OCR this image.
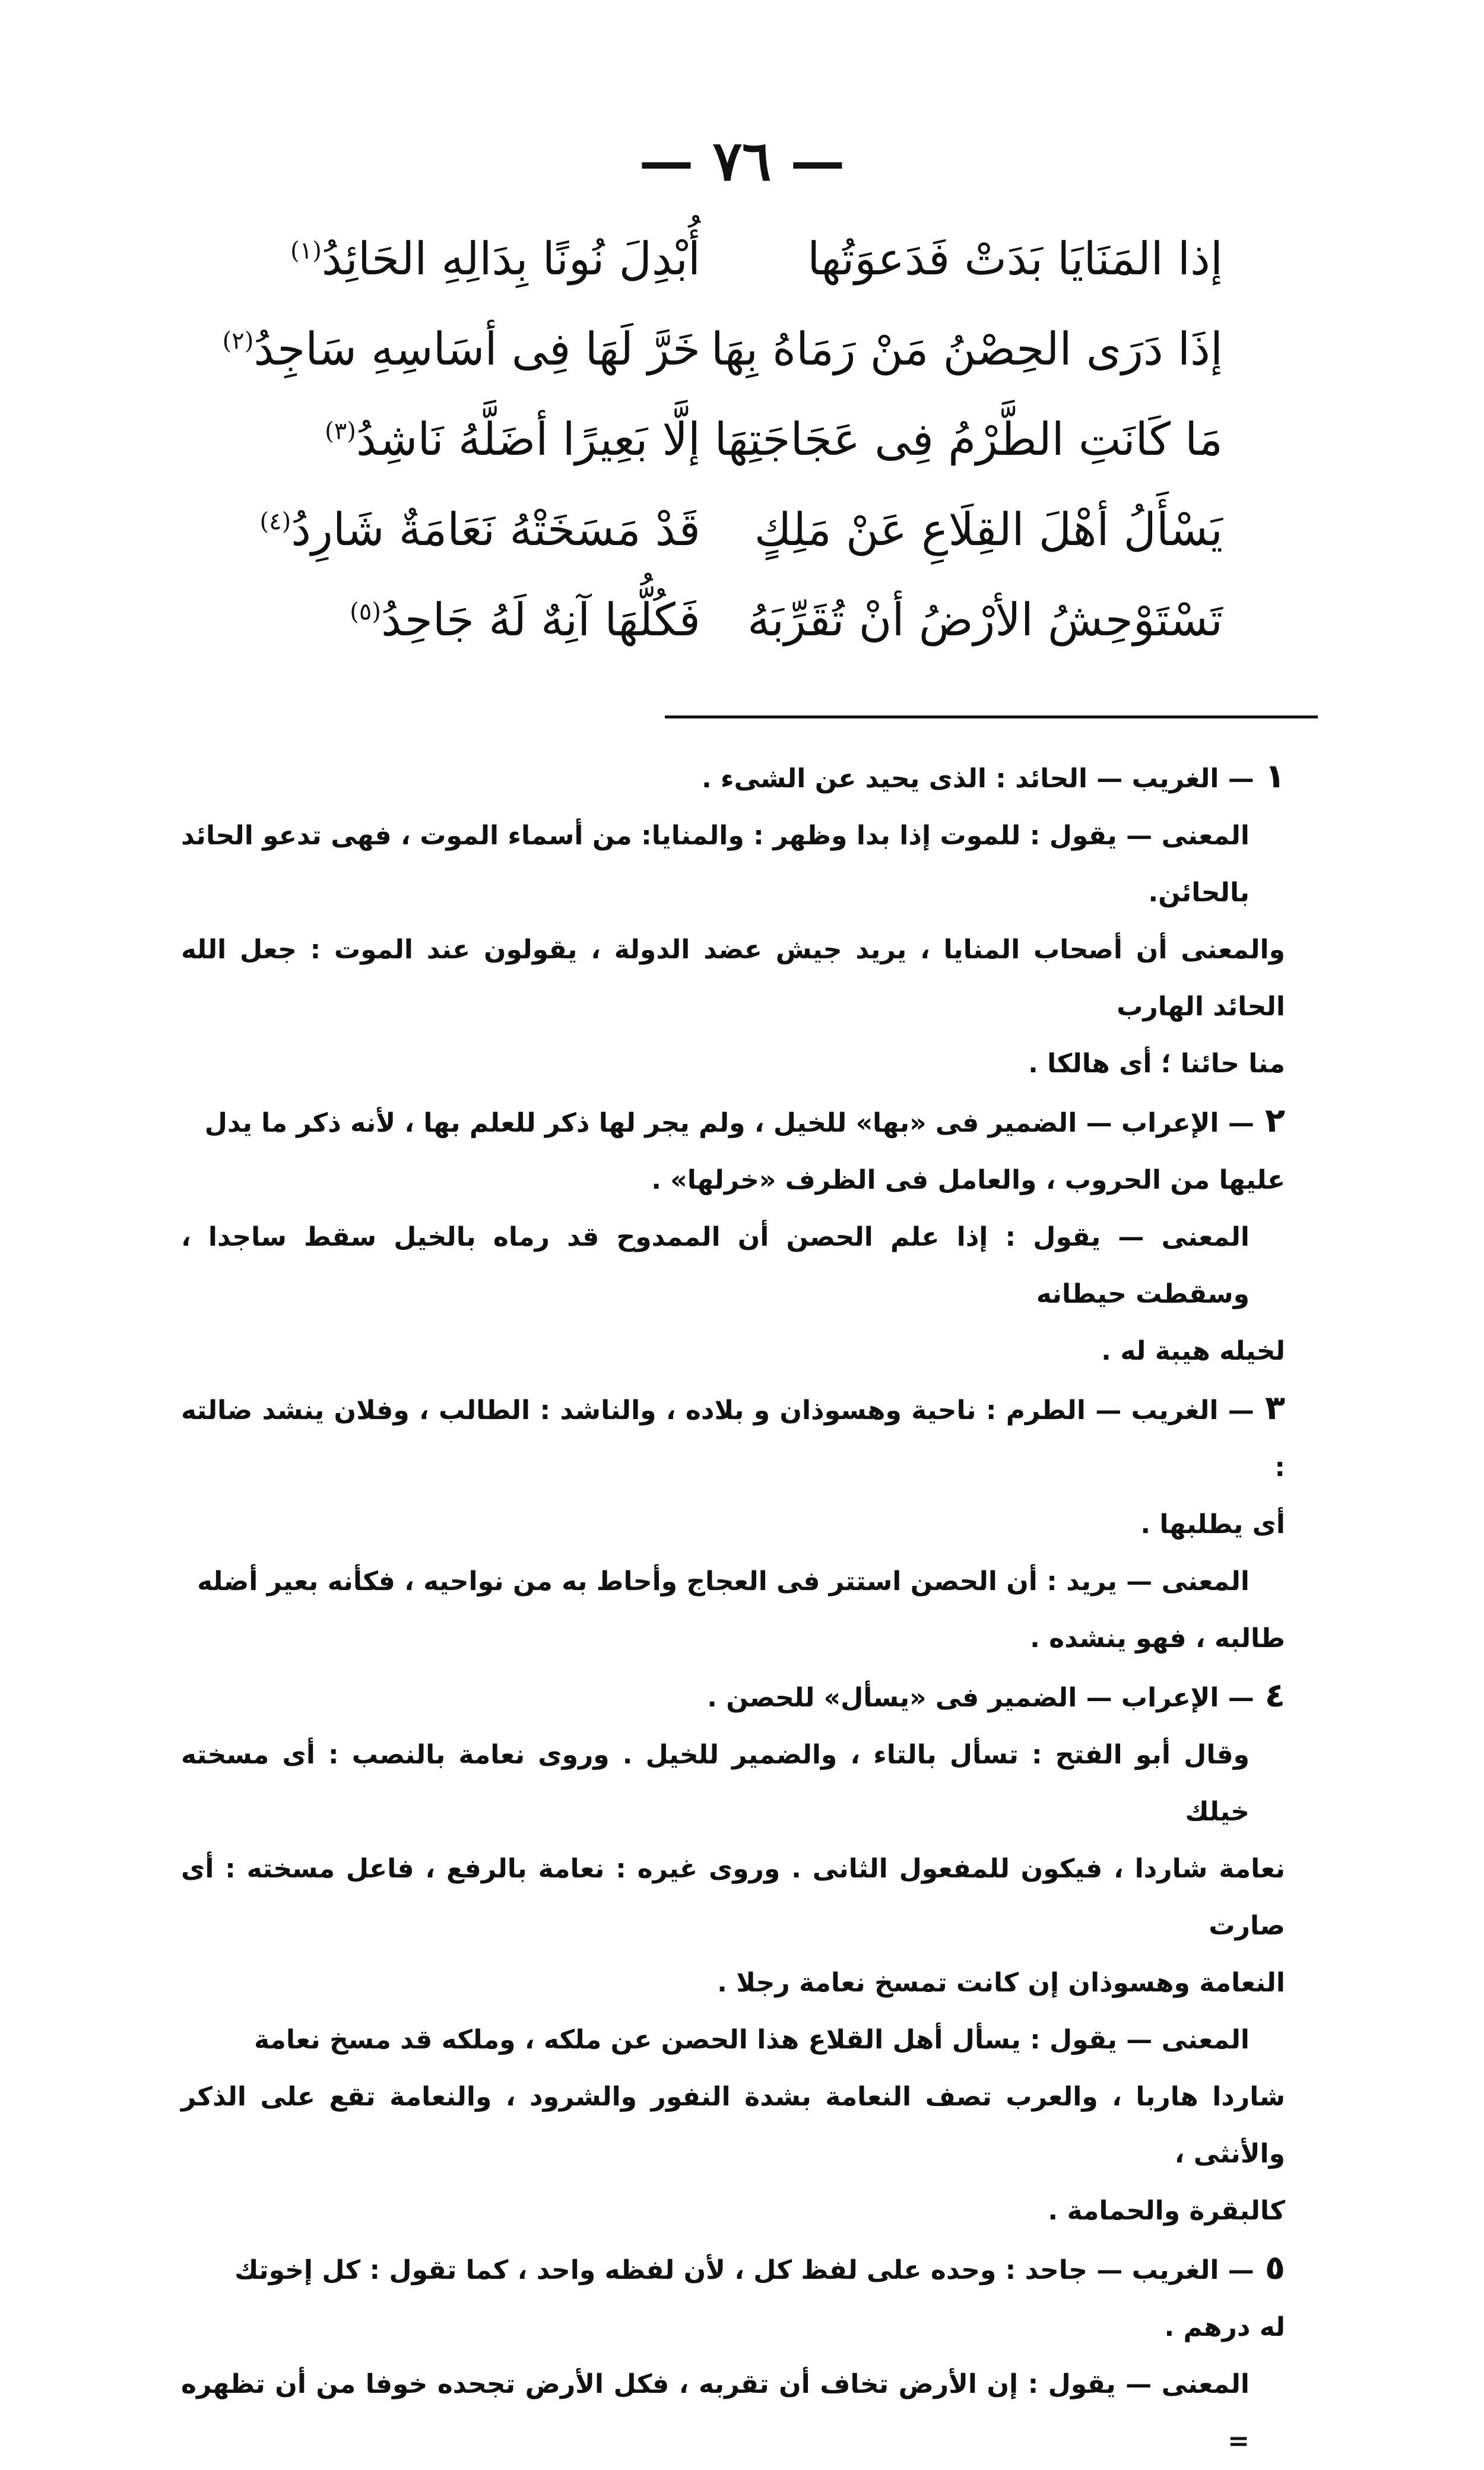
— ٧٦ —
إذا المَنَايَا بَدَتْ فَدَعوَتُها
أُبْدِلَ نُونًا بِدَالِهِ الحَائِدُ$^{(١)}$
إذَا دَرَى الحِصْنُ مَنْ رَمَاهُ بِهَا
خَرَّ لَهَا فِى أسَاسِهِ سَاجِدُ$^{(٢)}$
مَا كَانَتِ الطَّرْمُ فِى عَجَاجَتِهَا
إلَّا بَعِيرًا أضَلَّهُ نَاشِدُ$^{(٣)}$
يَسْأَلُ أهْلَ القِلَاعِ عَنْ مَلِكٍ
قَدْ مَسَخَتْهُ نَعَامَةٌ شَارِدُ$^{(٤)}$
تَسْتَوْحِشُ الأرْضُ أنْ تُقَرِّبَهُ
فَكُلُّهَا آنِهٌ لَهُ جَاحِدُ$^{(٥)}$

١— الغريب — الحائد : الذى يحيد عن الشىء .

المعنى — يقول : للموت إذا بدا وظهر : والمنايا: من أسماء الموت ، فهى تدعو الحائد بالحائن.

والمعنى أن أصحاب المنايا ، يريد جيش عضد الدولة ، يقولون عند الموت : جعل الله الحائد الهارب

منا حائنا ؛ أى هالكا .

٢— الإعراب — الضمير فى «بها» للخيل ، ولم يجر لها ذكر للعلم بها ، لأنه ذكر ما يدل

عليها من الحروب ، والعامل فى الظرف «خرلها» .

المعنى — يقول : إذا علم الحصن أن الممدوح قد رماه بالخيل سقط ساجدا ، وسقطت حيطانه

لخيله هيبة له .

٣— الغريب — الطرم : ناحية وهسوذان و بلاده ، والناشد : الطالب ، وفلان ينشد ضالته :

أى يطلبها .

المعنى — يريد : أن الحصن استتر فى العجاج وأحاط به من نواحيه ، فكأنه بعير أضله

طالبه ، فهو ينشده .

٤— الإعراب — الضمير فى «يسأل» للحصن .

وقال أبو الفتح : تسأل بالتاء ، والضمير للخيل . وروى نعامة بالنصب : أى مسخته خيلك

نعامة شاردا ، فيكون للمفعول الثانى . وروى غيره : نعامة بالرفع ، فاعل مسخته : أى صارت

النعامة وهسوذان إن كانت تمسخ نعامة رجلا .

المعنى — يقول : يسأل أهل القلاع هذا الحصن عن ملكه ، وملكه قد مسخ نعامة

شاردا هاربا ، والعرب تصف النعامة بشدة النفور والشرود ، والنعامة تقع على الذكر والأنثى ،

كالبقرة والحمامة .

٥— الغريب — جاحد : وحده على لفظ كل ، لأن لفظه واحد ، كما تقول : كل إخوتك

له درهم .

المعنى — يقول : إن الأرض تخاف أن تقربه ، فكل الأرض تجحده خوفا من أن تظهره =
